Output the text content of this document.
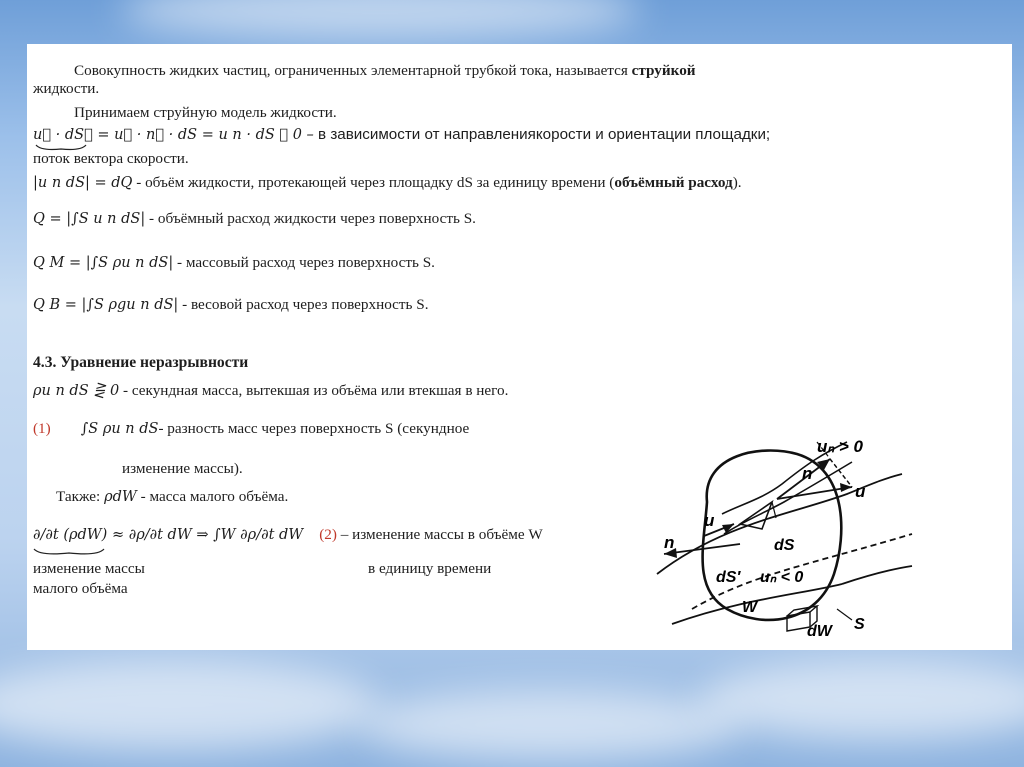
Совокупность жидких частиц, ограниченных элементарной трубкой тока, называется струйкой
жидкости.
Принимаем струйную модель жидкости.
u⃗ · dS⃗ = u⃗ · n⃗ · dS = u n · dS ⋚ 0 – в зависимости от направлениякорости и ориентации площадки;
поток вектора скорости.
|u n dS| = dQ - объём жидкости, протекающей через площадку dS за единицу времени (объёмный расход).
Q = |∫S u n dS| - объёмный расход жидкости через поверхность S.
Q М = |∫S ρu n dS| - массовый расход через поверхность S.
Q В = |∫S ρgu n dS| - весовой расход через поверхность S.
4.3. Уравнение неразрывности
ρu n dS ⋛ 0 - секундная масса, вытекшая из объёма или втекшая в него.
(1) ∫S ρu n dS- разность масс через поверхность S (секундное
изменение массы).
Также: ρdW - масса малого объёма.
∂/∂t (ρdW) ≈ ∂ρ/∂t dW ⇒ ∫W ∂ρ/∂t dW (2) – изменение массы в объёме W
изменение массы
малого объёма
в единицу времени
uₙ > 0
n
u
u
n	dS
dS′ uₙ < 0
W
dW S
